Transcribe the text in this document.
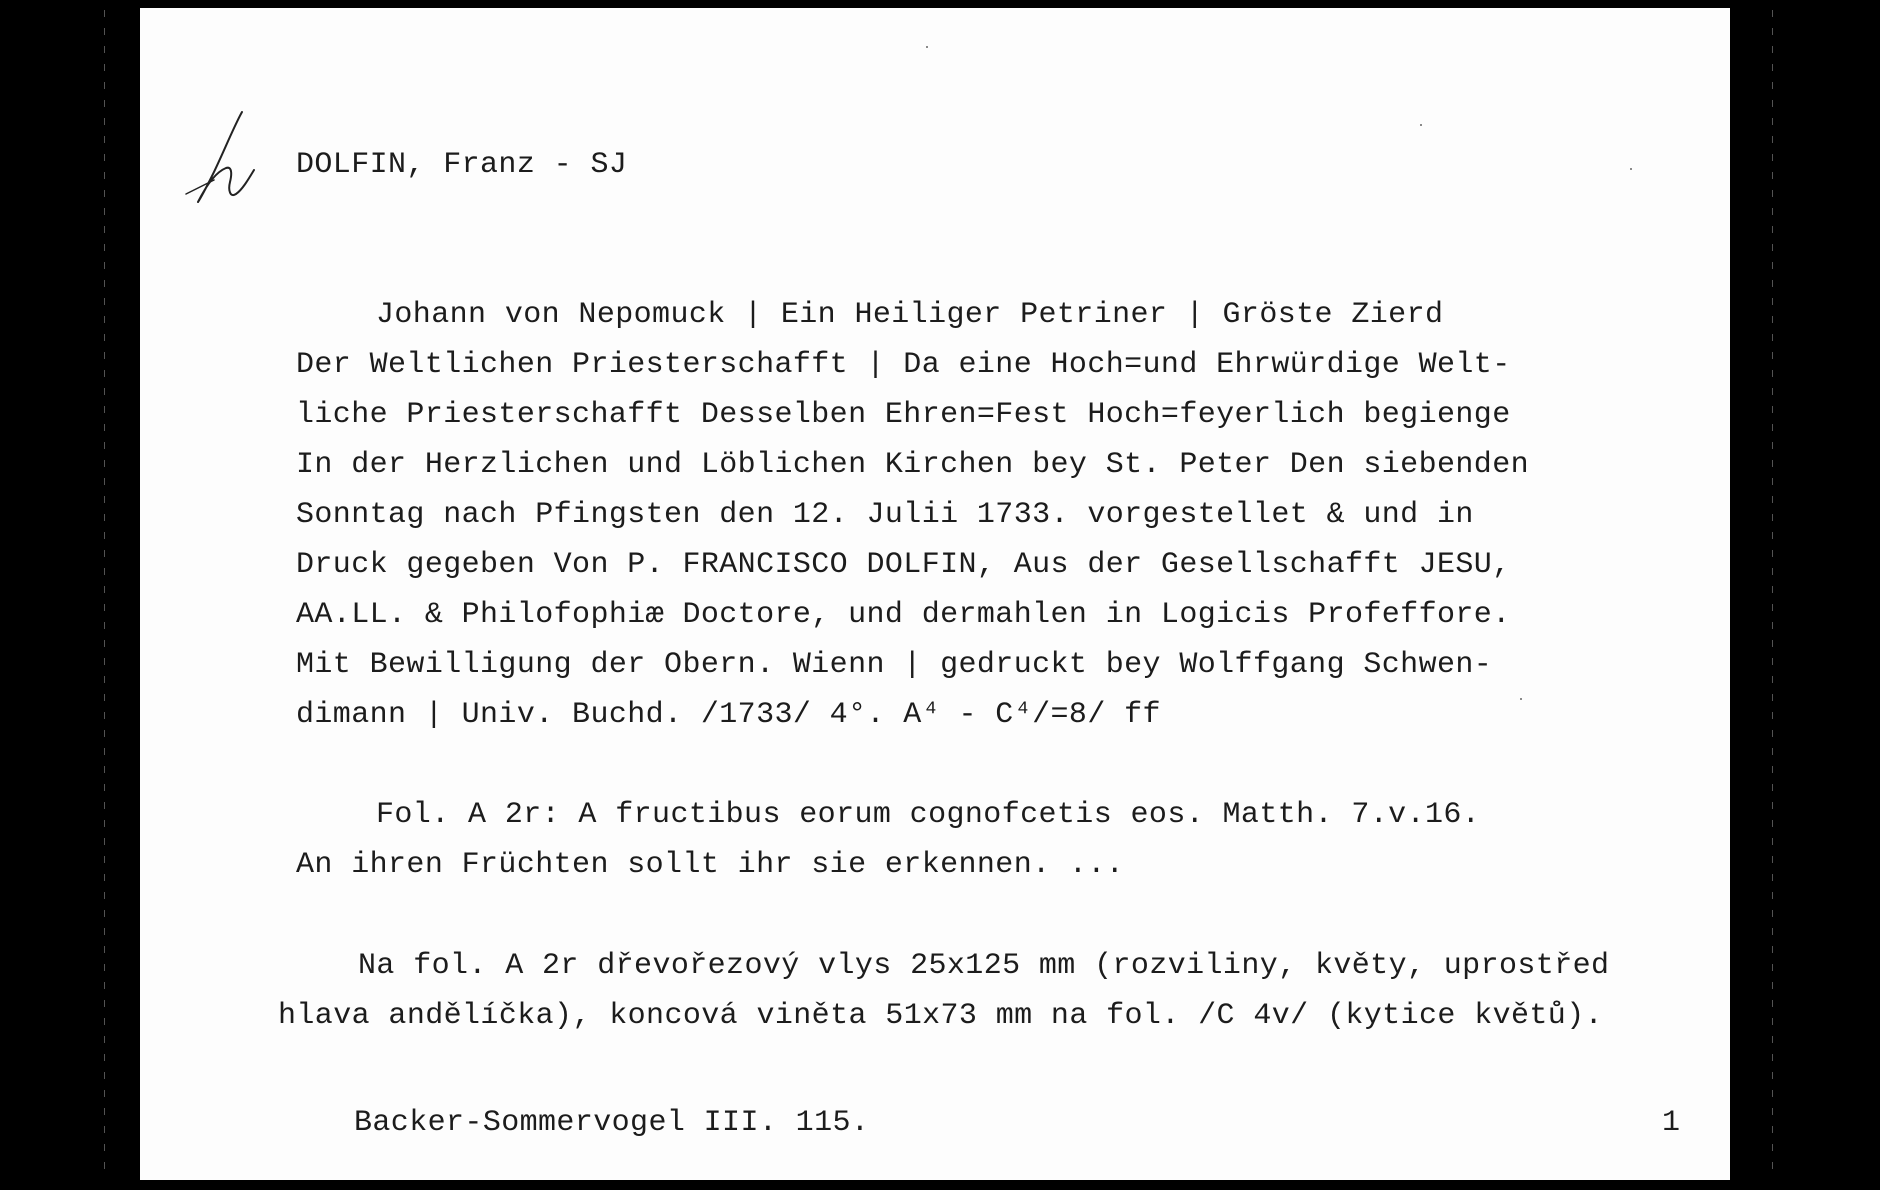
DOLFIN, Franz - SJ
Johann von Nepomuck | Ein Heiliger Petriner | Gröste Zierd
Der Weltlichen Priesterschafft | Da eine Hoch=und Ehrwürdige Welt-
liche Priesterschafft Desselben Ehren=Fest Hoch=feyerlich begienge
In der Herzlichen und Löblichen Kirchen bey St. Peter Den siebenden
Sonntag nach Pfingsten den 12. Julii 1733. vorgestellet & und in
Druck gegeben Von P. FRANCISCO DOLFIN, Aus der Gesellschafft JESU,
AA.LL. & Philofophiæ Doctore, und dermahlen in Logicis Profeffore.
Mit Bewilligung der Obern. Wienn | gedruckt bey Wolffgang Schwen-
dimann | Univ. Buchd. /1733/ 4°. A⁴ - C⁴/=8/ ff
Fol. A 2r: A fructibus eorum cognofcetis eos. Matth. 7.v.16.
An ihren Früchten sollt ihr sie erkennen. ...
Na fol. A 2r dřevořezový vlys 25x125 mm (rozviliny, květy, uprostřed
hlava andělíčka), koncová viněta 51x73 mm na fol. /C 4v/ (kytice květů).
Backer-Sommervogel III. 115.	1
